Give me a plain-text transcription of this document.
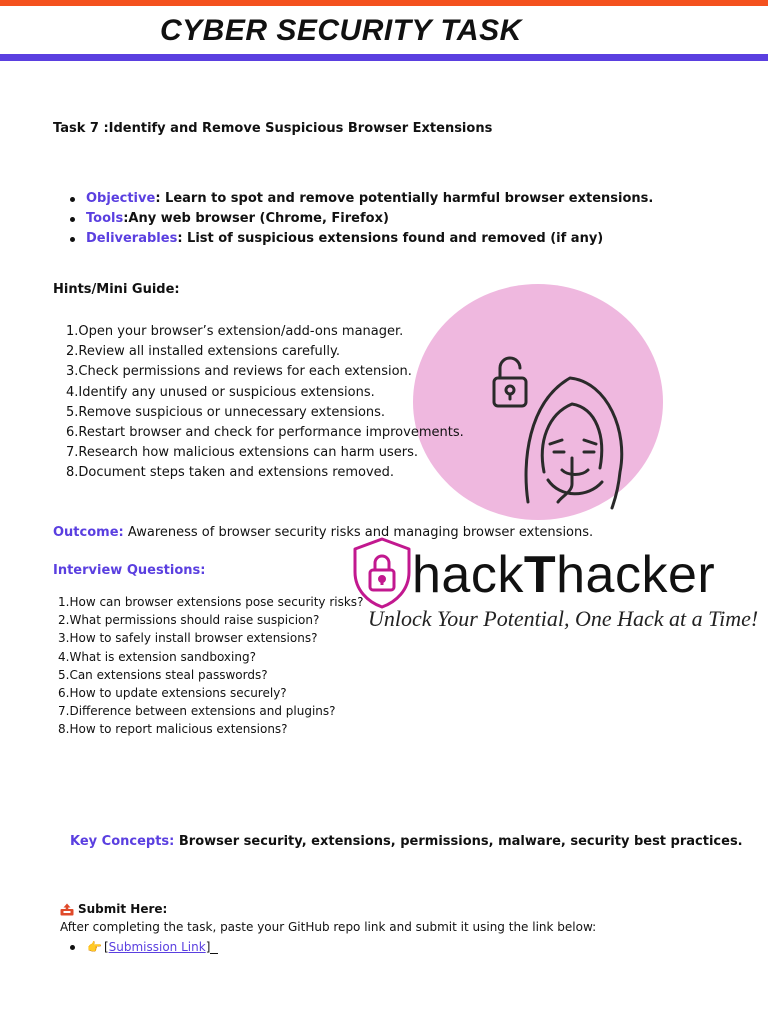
CYBER SECURITY TASK
Task 7 :Identify and Remove Suspicious Browser Extensions
Objective: Learn to spot and remove potentially harmful browser extensions.
Tools:Any web browser (Chrome, Firefox)
Deliverables: List of suspicious extensions found and removed (if any)
Hints/Mini Guide:
1.Open your browser’s extension/add-ons manager.
2.Review all installed extensions carefully.
3.Check permissions and reviews for each extension.
4.Identify any unused or suspicious extensions.
5.Remove suspicious or unnecessary extensions.
6.Restart browser and check for performance improvements.
7.Research how malicious extensions can harm users.
8.Document steps taken and extensions removed.
Outcome: Awareness of browser security risks and managing browser extensions.
Interview Questions:
1.How can browser extensions pose security risks?
2.What permissions should raise suspicion?
3.How to safely install browser extensions?
4.What is extension sandboxing?
5.Can extensions steal passwords?
6.How to update extensions securely?
7.Difference between extensions and plugins?
8.How to report malicious extensions?
hackThacker
Unlock Your Potential, One Hack at a Time!
Key Concepts: Browser security, extensions, permissions, malware, security best practices.
Submit Here:
After completing the task, paste your GitHub repo link and submit it using the link below:
👉 [ Submission Link ]
